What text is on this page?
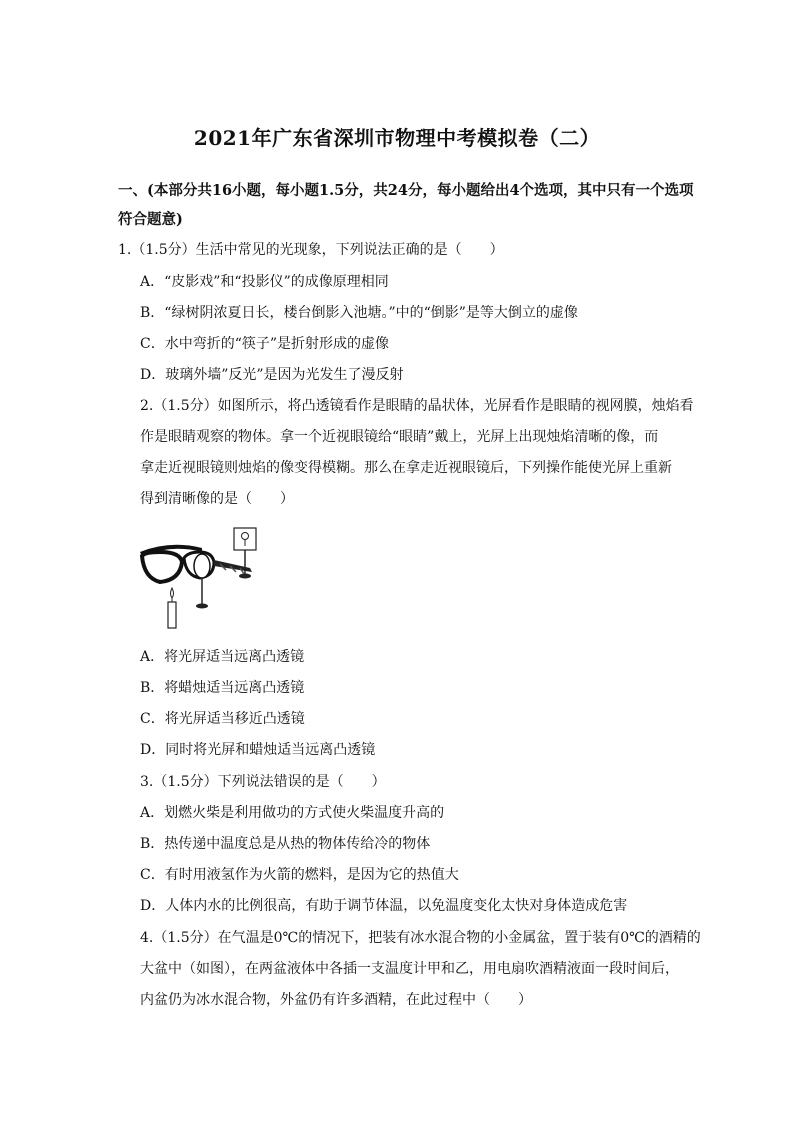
2021年广东省深圳市物理中考模拟卷（二）
一、(本部分共16小题，每小题1.5分，共24分，每小题给出4个选项，其中只有一个选项
符合题意)
1.（1.5分）生活中常见的光现象，下列说法正确的是（　　）
A．“皮影戏”和“投影仪”的成像原理相同
B．“绿树阴浓夏日长，楼台倒影入池塘。”中的“倒影”是等大倒立的虚像
C．水中弯折的“筷子”是折射形成的虚像
D．玻璃外墙”反光”是因为光发生了漫反射
2.（1.5分）如图所示，将凸透镜看作是眼睛的晶状体，光屏看作是眼睛的视网膜，烛焰看
作是眼睛观察的物体。拿一个近视眼镜给“眼睛”戴上，光屏上出现烛焰清晰的像，而
拿走近视眼镜则烛焰的像变得模糊。那么在拿走近视眼镜后，下列操作能使光屏上重新
得到清晰像的是（　　）
A．将光屏适当远离凸透镜
B．将蜡烛适当远离凸透镜
C．将光屏适当移近凸透镜
D．同时将光屏和蜡烛适当远离凸透镜
3.（1.5分）下列说法错误的是（　　）
A．划燃火柴是利用做功的方式使火柴温度升高的
B．热传递中温度总是从热的物体传给冷的物体
C．有时用液氢作为火箭的燃料，是因为它的热值大
D．人体内水的比例很高，有助于调节体温，以免温度变化太快对身体造成危害
4.（1.5分）在气温是0℃的情况下，把装有冰水混合物的小金属盆，置于装有0℃的酒精的
大盆中（如图），在两盆液体中各插一支温度计甲和乙，用电扇吹酒精液面一段时间后，
内盆仍为冰水混合物，外盆仍有许多酒精，在此过程中（　　）
